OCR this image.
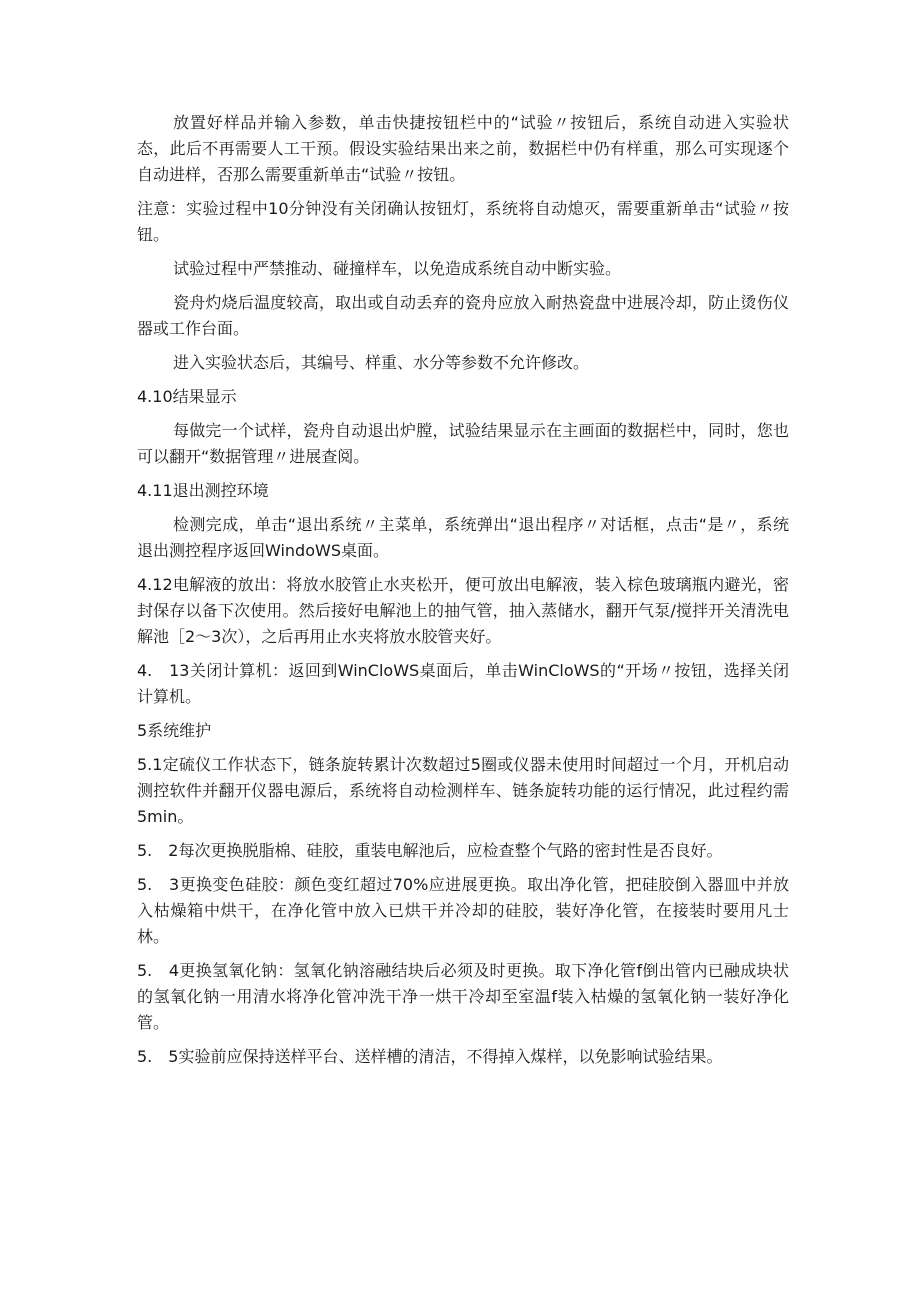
放置好样品并输入参数，单击快捷按钮栏中的“试验〃按钮后，系统自动进入实验状态，此后不再需要人工干预。假设实验结果出来之前，数据栏中仍有样重，那么可实现逐个自动进样，否那么需要重新单击“试验〃按钮。

注意：实验过程中10分钟没有关闭确认按钮灯，系统将自动熄灭，需要重新单击“试验〃按钮。

试验过程中严禁推动、碰撞样车，以免造成系统自动中断实验。

瓷舟灼烧后温度较高，取出或自动丢弃的瓷舟应放入耐热瓷盘中进展冷却，防止烫伤仪器或工作台面。

进入实验状态后，其编号、样重、水分等参数不允许修改。

4.10结果显示

每做完一个试样，瓷舟自动退出炉膛，试验结果显示在主画面的数据栏中，同时，您也可以翻开“数据管理〃进展查阅。

4.11退出测控环境

检测完成，单击“退出系统〃主菜单，系统弹出“退出程序〃对话框，点击“是〃，系统退出测控程序返回WindoWS桌面。

4.12电解液的放出：将放水胶管止水夹松开，便可放出电解液，装入棕色玻璃瓶内避光，密封保存以备下次使用。然后接好电解池上的抽气管，抽入蒸储水，翻开气泵/搅拌开关清洗电解池［2〜3次），之后再用止水夹将放水胶管夹好。

4.　13关闭计算机：返回到WinCloWS桌面后，单击WinCloWS的“开场〃按钮，选择关闭计算机。

5系统维护

5.1定硫仪工作状态下，链条旋转累计次数超过5圈或仪器未使用时间超过一个月，开机启动测控软件并翻开仪器电源后，系统将自动检测样车、链条旋转功能的运行情况，此过程约需5min。

5.　2每次更换脱脂棉、硅胶，重装电解池后，应检查整个气路的密封性是否良好。

5.　3更换变色硅胶：颜色变红超过70%应进展更换。取出净化管，把硅胶倒入器皿中并放入枯燥箱中烘干，在净化管中放入已烘干并冷却的硅胶，装好净化管，在接装时要用凡士林。

5.　4更换氢氧化钠：氢氧化钠溶融结块后必须及时更换。取下净化管f倒出管内已融成块状的氢氧化钠一用清水将净化管冲洗干净一烘干冷却至室温f装入枯燥的氢氧化钠一装好净化管。

5.　5实验前应保持送样平台、送样槽的清洁，不得掉入煤样，以免影响试验结果。
